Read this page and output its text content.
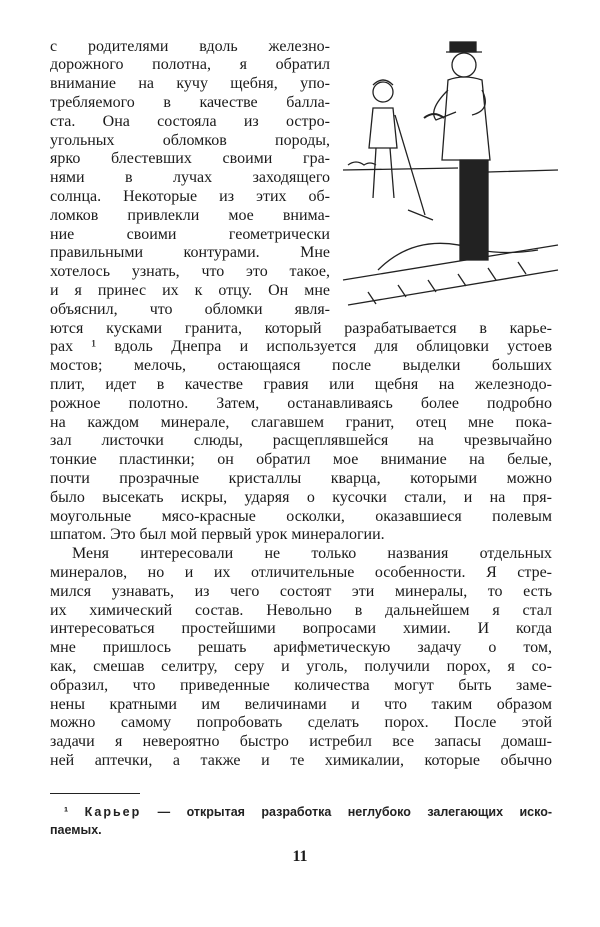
с родителями вдоль железно-
дорожного полотна, я обратил
внимание на кучу щебня, упо-
требляемого в качестве балла-
ста. Она состояла из остро-
угольных обломков породы,
ярко блестевших своими гра-
нями в лучах заходящего
солнца. Некоторые из этих об-
ломков привлекли мое внима-
ние своими геометрически
правильными контурами. Мне
хотелось узнать, что это такое,
и я принес их к отцу. Он мне
объяснил, что обломки явля-
ются кусками гранита, который разрабатывается в карье-
рах ¹ вдоль Днепра и используется для облицовки устоев
мостов; мелочь, остающаяся после выделки больших
плит, идет в качестве гравия или щебня на железнодо-
рожное полотно. Затем, останавливаясь более подробно
на каждом минерале, слагавшем гранит, отец мне пока-
зал листочки слюды, расщеплявшейся на чрезвычайно
тонкие пластинки; он обратил мое внимание на белые,
почти прозрачные кристаллы кварца, которыми можно
было высекать искры, ударяя о кусочки стали, и на пря-
моугольные мясо-красные осколки, оказавшиеся полевым
шпатом. Это был мой первый урок минералогии.
Меня интересовали не только названия отдельных
минералов, но и их отличительные особенности. Я стре-
мился узнавать, из чего состоят эти минералы, то есть
их химический состав. Невольно в дальнейшем я стал
интересоваться простейшими вопросами химии. И когда
мне пришлось решать арифметическую задачу о том,
как, смешав селитру, серу и уголь, получили порох, я со-
образил, что приведенные количества могут быть заме-
нены кратными им величинами и что таким образом
можно самому попробовать сделать порох. После этой
задачи я невероятно быстро истребил все запасы домаш-
ней аптечки, а также и те химикалии, которые обычно
¹ Карьер — открытая разработка неглубоко залегающих иско-
паемых.
11
